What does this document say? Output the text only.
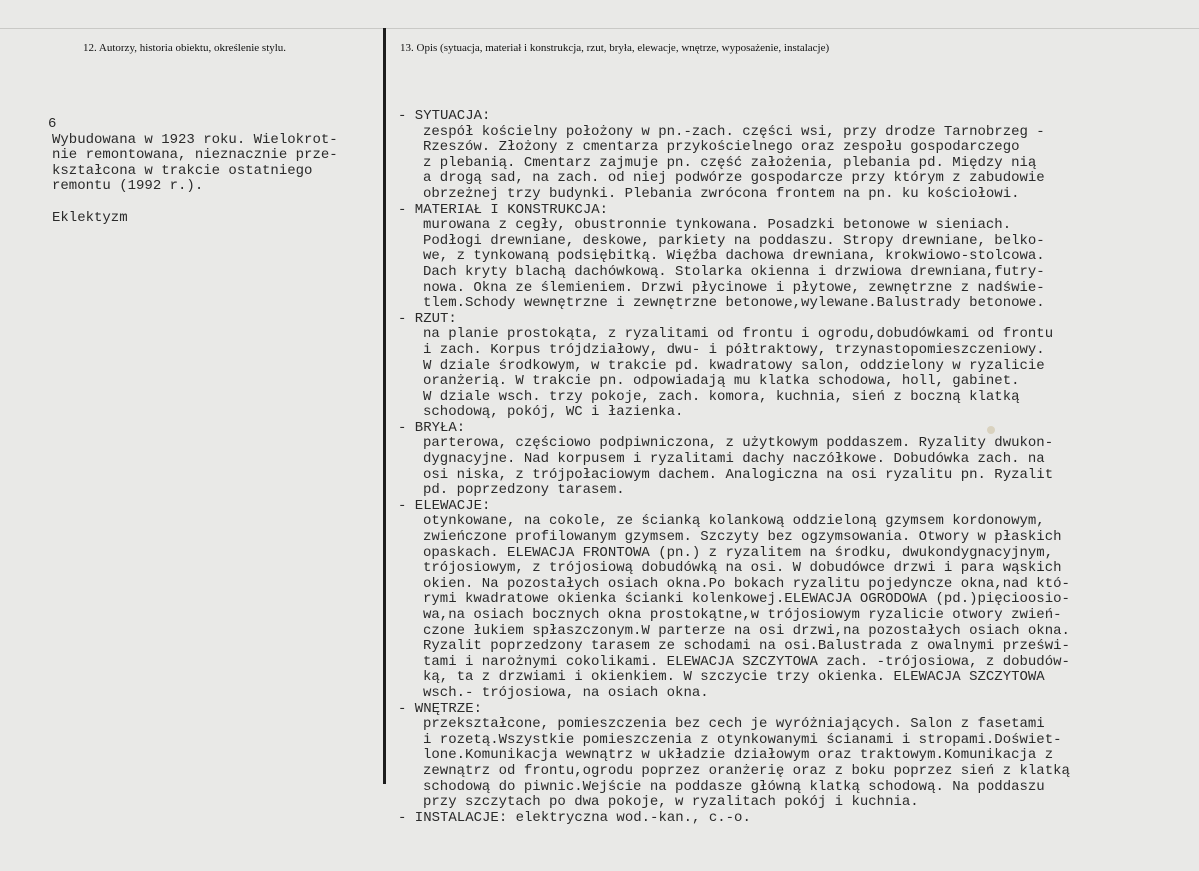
12. Autorzy, historia obiektu, określenie stylu.	13. Opis (sytuacja, materiał i konstrukcja, rzut, bryła, elewacje, wnętrze, wyposażenie, instalacje)
6
Wybudowana w 1923 roku. Wielokrot-
nie remontowana, nieznacznie prze-
kształcona w trakcie ostatniego
remontu (1992 r.).
Eklektyzm
- SYTUACJA:
zespół kościelny położony w pn.-zach. części wsi, przy drodze Tarnobrzeg -
Rzeszów. Złożony z cmentarza przykościelnego oraz zespołu gospodarczego
z plebanią. Cmentarz zajmuje pn. część założenia, plebania pd. Między nią
a drogą sad, na zach. od niej podwórze gospodarcze przy którym z zabudowie
obrzeżnej trzy budynki. Plebania zwrócona frontem na pn. ku kościołowi.
- MATERIAŁ I KONSTRUKCJA:
murowana z cegły, obustronnie tynkowana. Posadzki betonowe w sieniach.
Podłogi drewniane, deskowe, parkiety na poddaszu. Stropy drewniane, belko-
we, z tynkowaną podsiębitką. Więźba dachowa drewniana, krokwiowo-stolcowa.
Dach kryty blachą dachówkową. Stolarka okienna i drzwiowa drewniana,futry-
nowa. Okna ze ślemieniem. Drzwi płycinowe i płytowe, zewnętrzne z nadświe-
tlem.Schody wewnętrzne i zewnętrzne betonowe,wylewane.Balustrady betonowe.
- RZUT:
na planie prostokąta, z ryzalitami od frontu i ogrodu,dobudówkami od frontu
i zach. Korpus trójdziałowy, dwu- i półtraktowy, trzynastopomieszczeniowy.
W dziale środkowym, w trakcie pd. kwadratowy salon, oddzielony w ryzalicie
oranżerią. W trakcie pn. odpowiadają mu klatka schodowa, holl, gabinet.
W dziale wsch. trzy pokoje, zach. komora, kuchnia, sień z boczną klatką
schodową, pokój, WC i łazienka.
- BRYŁA:
parterowa, częściowo podpiwniczona, z użytkowym poddaszem. Ryzality dwukon-
dygnacyjne. Nad korpusem i ryzalitami dachy naczółkowe. Dobudówka zach. na
osi niska, z trójpołaciowym dachem. Analogiczna na osi ryzalitu pn. Ryzalit
pd. poprzedzony tarasem.
- ELEWACJE:
otynkowane, na cokole, ze ścianką kolankową oddzieloną gzymsem kordonowym,
zwieńczone profilowanym gzymsem. Szczyty bez ogzymsowania. Otwory w płaskich
opaskach. ELEWACJA FRONTOWA (pn.) z ryzalitem na środku, dwukondygnacyjnym,
trójosiowym, z trójosiową dobudówką na osi. W dobudówce drzwi i para wąskich
okien. Na pozostałych osiach okna.Po bokach ryzalitu pojedyncze okna,nad któ-
rymi kwadratowe okienka ścianki kolenkowej.ELEWACJA OGRODOWA (pd.)pięcioosio-
wa,na osiach bocznych okna prostokątne,w trójosiowym ryzalicie otwory zwień-
czone łukiem spłaszczonym.W parterze na osi drzwi,na pozostałych osiach okna.
Ryzalit poprzedzony tarasem ze schodami na osi.Balustrada z owalnymi prześwi-
tami i narożnymi cokolikami. ELEWACJA SZCZYTOWA zach. -trójosiowa, z dobudów-
ką, ta z drzwiami i okienkiem. W szczycie trzy okienka. ELEWACJA SZCZYTOWA
wsch.- trójosiowa, na osiach okna.
- WNĘTRZE:
przekształcone, pomieszczenia bez cech je wyróżniających. Salon z fasetami
i rozetą.Wszystkie pomieszczenia z otynkowanymi ścianami i stropami.Doświet-
lone.Komunikacja wewnątrz w układzie działowym oraz traktowym.Komunikacja z
zewnątrz od frontu,ogrodu poprzez oranżerię oraz z boku poprzez sień z klatką
schodową do piwnic.Wejście na poddasze główną klatką schodową. Na poddaszu
przy szczytach po dwa pokoje, w ryzalitach pokój i kuchnia.
- INSTALACJE: elektryczna wod.-kan., c.-o.
